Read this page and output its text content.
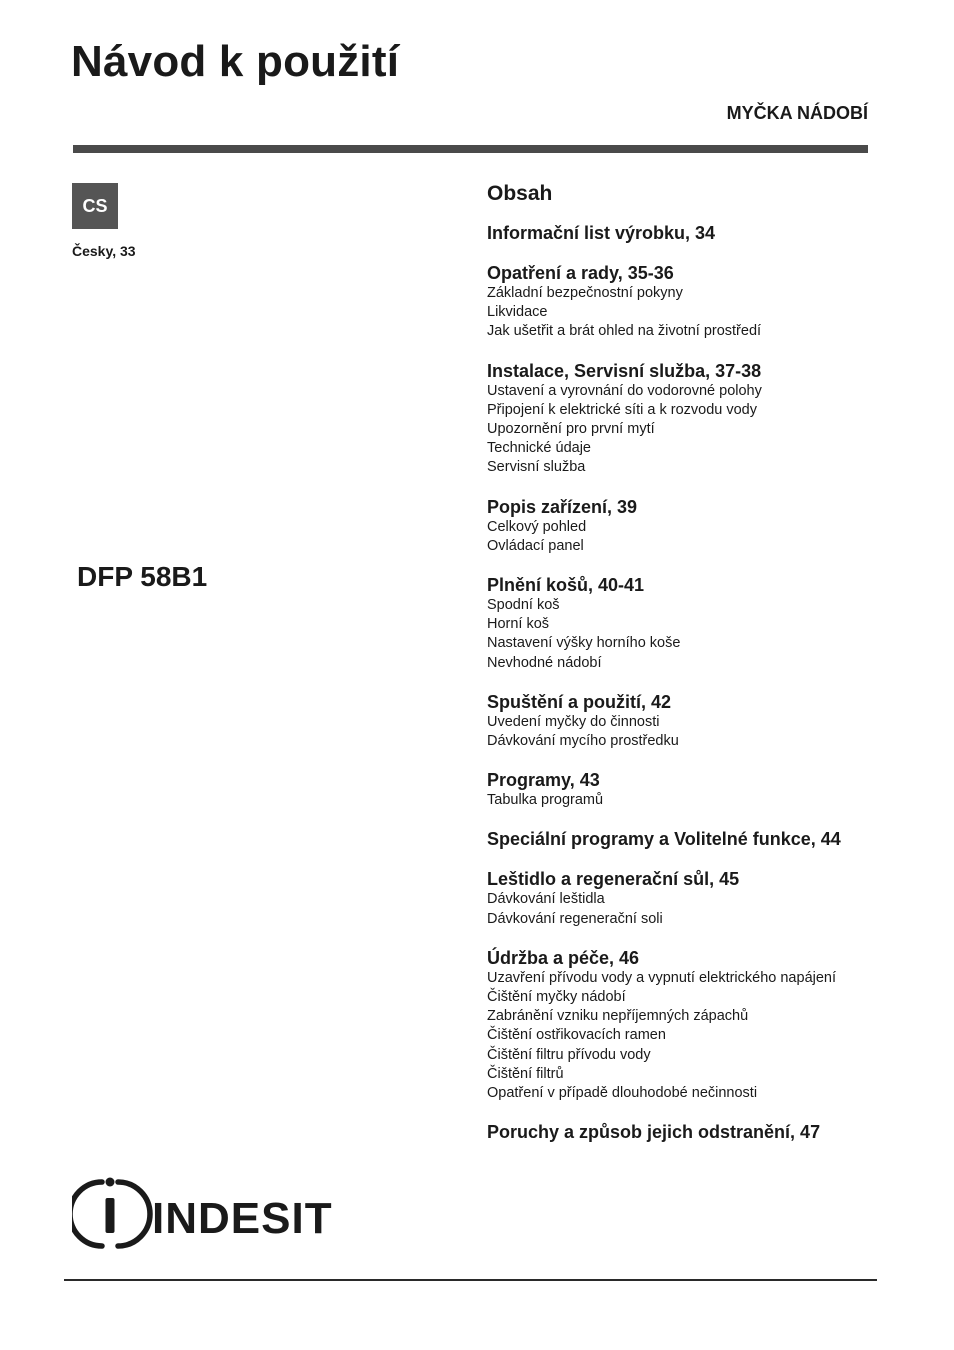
Návod k použití
MYČKA NÁDOBÍ
CS
Česky, 33
DFP 58B1
Obsah
Informační list výrobku, 34
Opatření a rady, 35-36
Základní bezpečnostní pokyny
Likvidace
Jak ušetřit a brát ohled na životní prostředí
Instalace, Servisní služba, 37-38
Ustavení a vyrovnání do vodorovné polohy
Připojení k elektrické síti a k rozvodu vody
Upozornění pro první mytí
Technické údaje
Servisní služba
Popis zařízení, 39
Celkový pohled
Ovládací panel
Plnění košů, 40-41
Spodní koš
Horní koš
Nastavení výšky horního koše
Nevhodné nádobí
Spuštění a použití, 42
Uvedení myčky do činnosti
Dávkování mycího prostředku
Programy, 43
Tabulka programů
Speciální programy a Volitelné funkce, 44
Leštidlo a regenerační sůl, 45
Dávkování leštidla
Dávkování regenerační soli
Údržba a péče, 46
Uzavření přívodu vody a vypnutí elektrického napájení
Čištění myčky nádobí
Zabránění vzniku nepříjemných zápachů
Čištění ostřikovacích ramen
Čištění filtru přívodu vody
Čištění filtrů
Opatření v případě dlouhodobé nečinnosti
Poruchy a způsob jejich odstranění, 47
INDESIT
